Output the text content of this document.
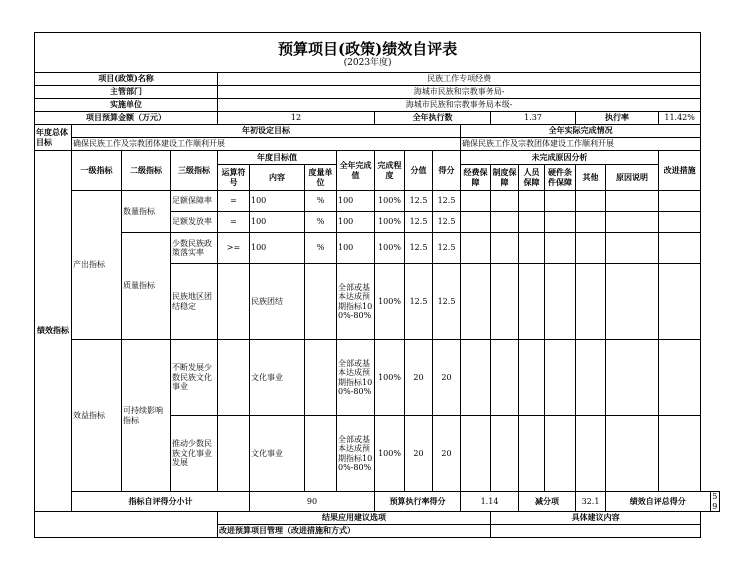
预算项目(政策)绩效自评表
(2023年度)																		

项目(政策)名称				民族工作专项经费														
主管部门				海城市民族和宗教事务局-														
实施单位				海城市民族和宗教事务局本级-														
项目预算金额（万元）				12				全年执行数				1.37			执行率		11.42%	
年度总体目标	年初设定目标										全年实际完成情况							
	确保民族工作及宗教团体建设工作顺利开展										确保民族工作及宗教团体建设工作顺利开展							
绩效指标	一级指标	二级指标	三级指标	年度目标值			全年完成值	完成程度	分值	得分	未完成原因分析						改进措施	
				运算符号	内容	度量单位					经费保障	制度保障	人员保障	硬件条件保障	其他	原因说明		
	产出指标	数量指标	足额保障率	=	100	%	100	100%	12.5	12.5								
			足额发放率	=	100	%	100	100%	12.5	12.5								
		质量指标	少数民族政策落实率	>=	100	%	100	100%	12.5	12.5								
			民族地区团结稳定		民族团结		全部或基本达成预期指标100%-80%	100%	12.5	12.5								
	效益指标	可持续影响指标	不断发展少数民族文化事业		文化事业		全部或基本达成预期指标100%-80%	100%	20	20								
			推动少数民族文化事业发展		文化事业		全部或基本达成预期指标100%-80%	100%	20	20								
	指标自评得分小计				90			预算执行率得分			1.14		减分项		32.1	绩效自评总得分		59
				结果应用建议选项								具体建议内容						
				改进预算项目管理（改进措施和方式）														
